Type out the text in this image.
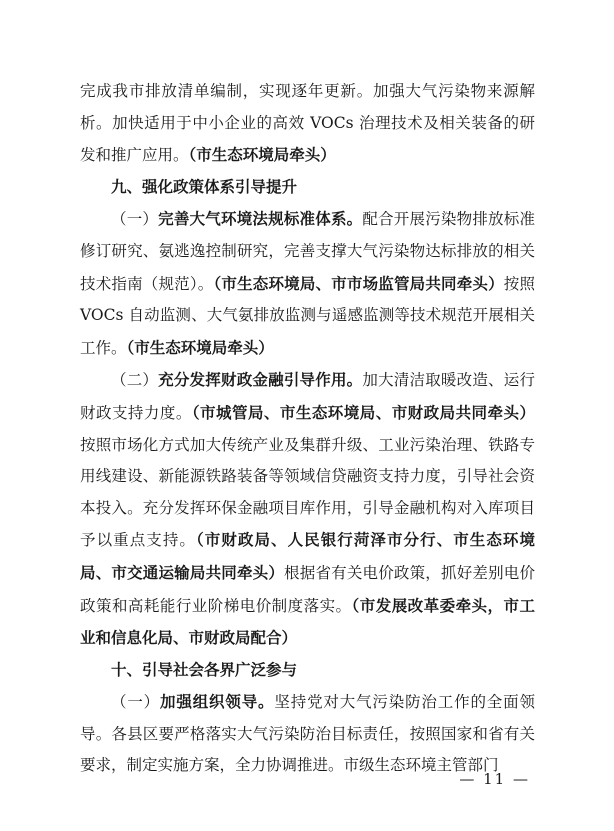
完成我市排放清单编制，实现逐年更新。加强大气污染物来源解析。加快适用于中小企业的高效 VOCs 治理技术及相关装备的研发和推广应用。（市生态环境局牵头）

九、强化政策体系引导提升

（一）完善大气环境法规标准体系。配合开展污染物排放标准修订研究、氨逃逸控制研究，完善支撑大气污染物达标排放的相关技术指南（规范）。（市生态环境局、市市场监管局共同牵头）按照 VOCs 自动监测、大气氨排放监测与遥感监测等技术规范开展相关工作。（市生态环境局牵头）

（二）充分发挥财政金融引导作用。加大清洁取暖改造、运行财政支持力度。（市城管局、市生态环境局、市财政局共同牵头）按照市场化方式加大传统产业及集群升级、工业污染治理、铁路专用线建设、新能源铁路装备等领域信贷融资支持力度，引导社会资本投入。充分发挥环保金融项目库作用，引导金融机构对入库项目予以重点支持。（市财政局、人民银行菏泽市分行、市生态环境局、市交通运输局共同牵头）根据省有关电价政策，抓好差别电价政策和高耗能行业阶梯电价制度落实。（市发展改革委牵头，市工业和信息化局、市财政局配合）

十、引导社会各界广泛参与

（一）加强组织领导。坚持党对大气污染防治工作的全面领导。各县区要严格落实大气污染防治目标责任，按照国家和省有关要求，制定实施方案，全力协调推进。市级生态环境主管部门

— 11 —
